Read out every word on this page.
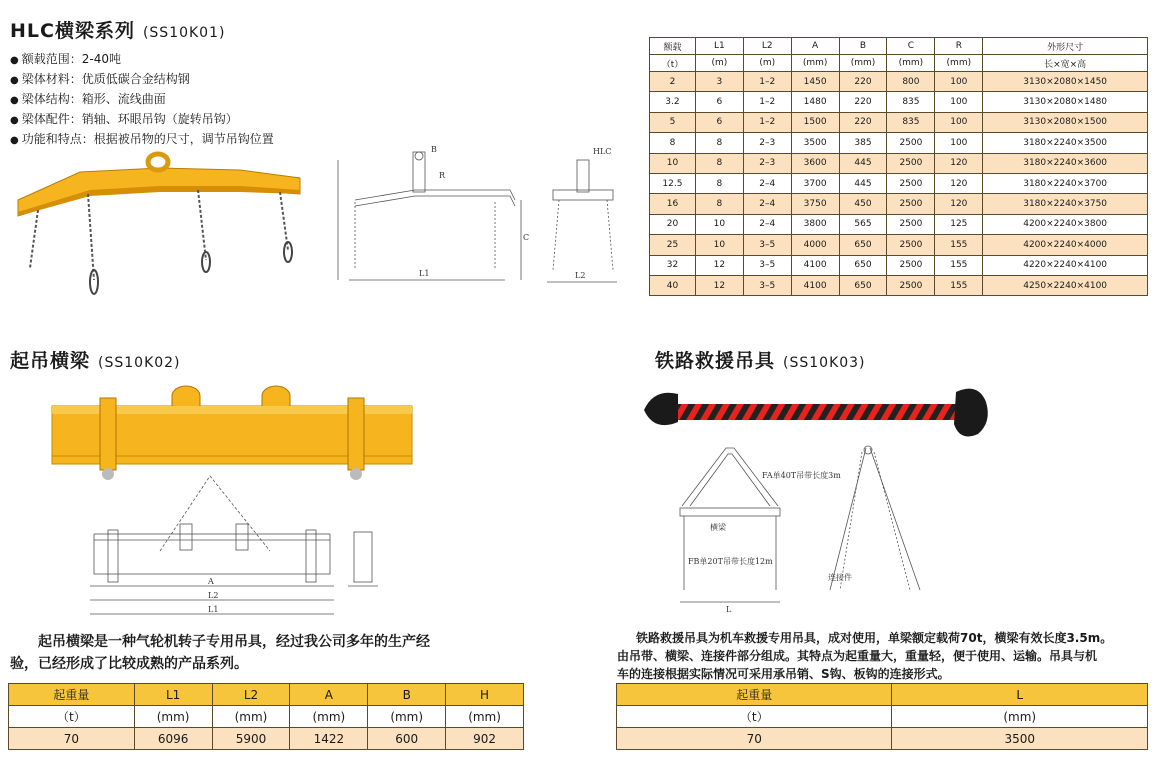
HLC横梁系列 (SS10K01)
● 额载范围：2-40吨
● 梁体材料：优质低碳合金结构钢
● 梁体结构：箱形、流线曲面
● 梁体配件：销轴、环眼吊钩（旋转吊钩）
● 功能和特点：根据被吊物的尺寸，调节吊钩位置
L1
C
B
R
HLC
L2
额载	L1	L2	A	B	C	R	外形尺寸
（t）	(m)	(m)	(mm)	(mm)	(mm)	(mm)	长×宽×高
2	3	1–2	1450	220	800	100	3130×2080×1450
3.2	6	1–2	1480	220	835	100	3130×2080×1480
5	6	1–2	1500	220	835	100	3130×2080×1500
8	8	2–3	3500	385	2500	100	3180×2240×3500
10	8	2–3	3600	445	2500	120	3180×2240×3600
12.5	8	2–4	3700	445	2500	120	3180×2240×3700
16	8	2–4	3750	450	2500	120	3180×2240×3750
20	10	2–4	3800	565	2500	125	4200×2240×3800
25	10	3–5	4000	650	2500	155	4200×2240×4000
32	12	3–5	4100	650	2500	155	4220×2240×4100
40	12	3–5	4100	650	2500	155	4250×2240×4100
起吊横梁 (SS10K02)
A
L2
L1
起吊横梁是一种气轮机转子专用吊具，经过我公司多年的生产经
验，已经形成了比较成熟的产品系列。
起重量	L1	L2	A	B	H
（t）	(mm)	(mm)	(mm)	(mm)	(mm)
70	6096	5900	1422	600	902
铁路救援吊具 (SS10K03)
FA单40T吊带长度3m
FB单20T吊带长度12m
横梁
连接件
L
铁路救援吊具为机车救援专用吊具，成对使用，单梁额定载荷70t，横梁有效长度3.5m。
由吊带、横梁、连接件部分组成。其特点为起重量大，重量轻，便于使用、运输。吊具与机
车的连接根据实际情况可采用承吊销、S钩、板钩的连接形式。
起重量	L
（t）	(mm)
70	3500
